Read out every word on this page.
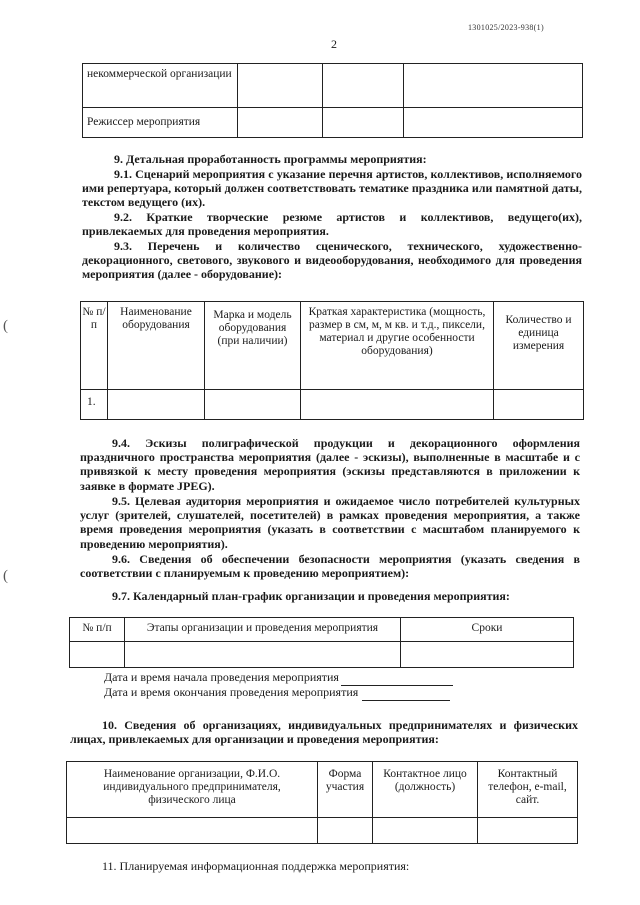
1301025/2023-938(1)
2
некоммерческой организации			
Режиссер мероприятия			
9. Детальная проработанность программы мероприятия:
9.1. Сценарий мероприятия с указание перечня артистов, коллективов, исполняемого ими репертуара, который должен соответствовать тематике праздника или памятной даты, текстом ведущего (их).
9.2. Краткие творческие резюме артистов и коллективов, ведущего(их), привлекаемых для проведения мероприятия.
9.3. Перечень и количество сценического, технического, художественно-декорационного, светового, звукового и видеооборудования, необходимого для проведения мероприятия (далее - оборудование):
(
(
№ п/п	Наименование оборудования	Марка и модель оборудования (при наличии)	Краткая характеристика (мощность, размер в см, м, м кв. и т.д., пиксели, материал и другие особенности оборудования)	Количество и единица измерения
1.				
9.4. Эскизы полиграфической продукции и декорационного оформления праздничного пространства мероприятия (далее - эскизы), выполненные в масштабе и с привязкой к месту проведения мероприятия (эскизы представляются в приложении к заявке в формате JPEG).
9.5. Целевая аудитория мероприятия и ожидаемое число потребителей культурных услуг (зрителей, слушателей, посетителей) в рамках проведения мероприятия, а также время проведения мероприятия (указать в соответствии с масштабом планируемого к проведению мероприятия).
9.6. Сведения об обеспечении безопасности мероприятия (указать сведения в соответствии с планируемым к проведению мероприятием):
9.7. Календарный план-график организации и проведения мероприятия:
№ п/п	Этапы организации и проведения мероприятия	Сроки

Дата и время начала проведения мероприятия
Дата и время окончания проведения мероприятия
10. Сведения об организациях, индивидуальных предпринимателях и физических лицах, привлекаемых для организации и проведения мероприятия:
Наименование организации, Ф.И.О. индивидуального предпринимателя, физического лица	Форма участия	Контактное лицо (должность)	Контактный телефон, e-mail, сайт.

11. Планируемая информационная поддержка мероприятия:
